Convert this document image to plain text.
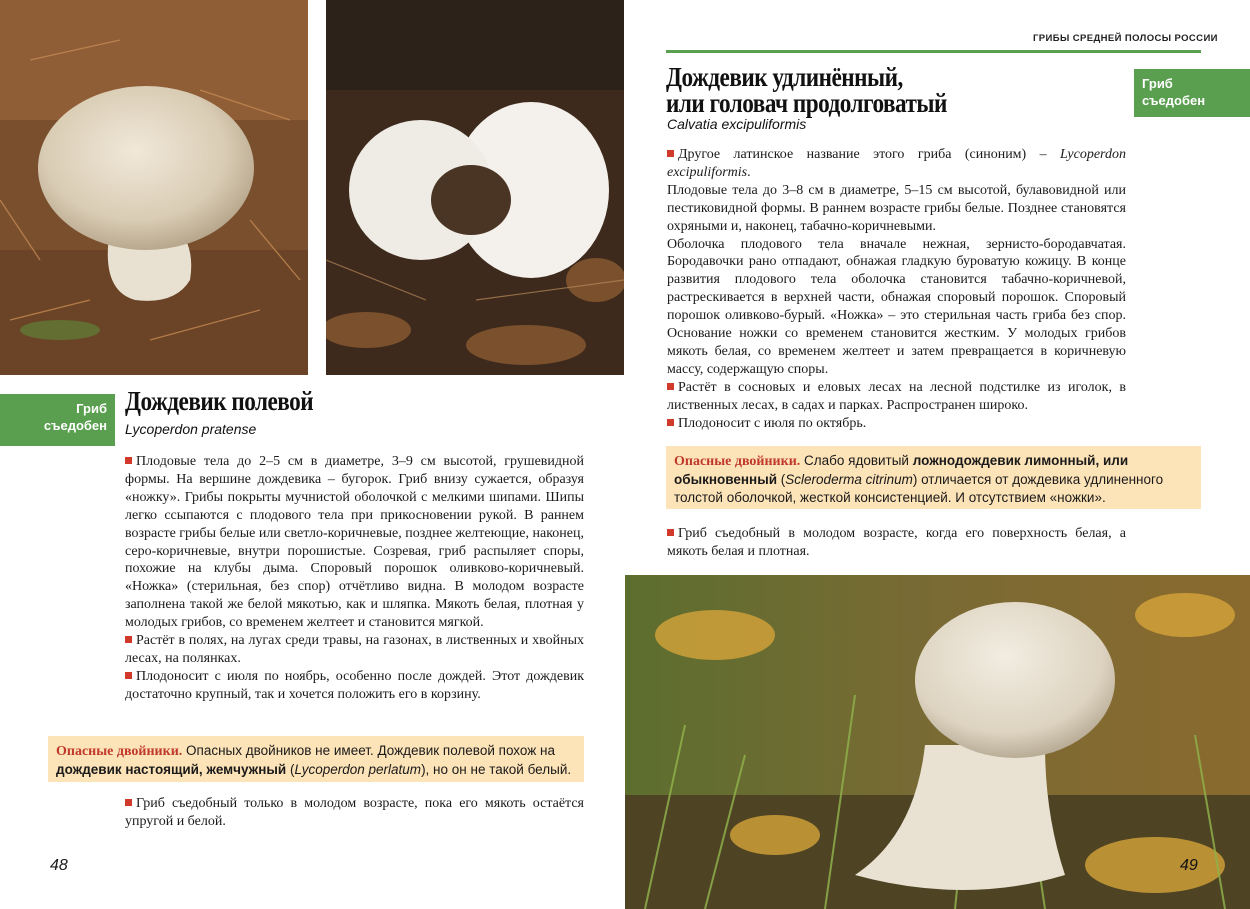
Гриб
съедобен
Дождевик полевой
Lycoperdon pratense

Плодовые тела до 2–5 см в диаметре, 3–9 см высотой, грушевидной формы. На вершине дождевика – бугорок. Гриб внизу сужается, образуя «ножку». Грибы покрыты мучнистой оболочкой с мелкими шипами. Шипы легко ссыпаются с плодового тела при прикосновении рукой. В раннем возрасте грибы белые или светло-коричневые, позднее желтеющие, наконец, серо-коричневые, внутри порошистые. Созревая, гриб распыляет споры, похожие на клубы дыма. Споровый порошок оливково-коричневый. «Ножка» (стерильная, без спор) отчётливо видна. В молодом возрасте заполнена такой же белой мякотью, как и шляпка. Мякоть белая, плотная у молодых грибов, со временем желтеет и становится мягкой.

Растёт в полях, на лугах среди травы, на газонах, в лиственных и хвойных лесах, на полянках.

Плодоносит с июля по ноябрь, особенно после дождей. Этот дождевик достаточно крупный, так и хочется положить его в корзину.

Опасные двойники. Опасных двойников не имеет. Дождевик полевой похож на дождевик настоящий, жемчужный (Lycoperdon perlatum), но он не такой белый.

Гриб съедобный только в молодом возрасте, пока его мякоть остаётся упругой и белой.

48
ГРИБЫ СРЕДНЕЙ ПОЛОСЫ РОССИИ
Дождевик удлинённый,
или головач продолговатый
Calvatia excipuliformis
Гриб
съедобен

Другое латинское название этого гриба (синоним) – Lycoperdon excipuliformis.

Плодовые тела до 3–8 см в диаметре, 5–15 см высотой, булавовидной или пестиковидной формы. В раннем возрасте грибы белые. Позднее становятся охряными и, наконец, табачно-коричневыми.

Оболочка плодового тела вначале нежная, зернисто-бородавчатая. Бородавочки рано отпадают, обнажая гладкую буроватую кожицу. В конце развития плодового тела оболочка становится табачно-коричневой, растрескивается в верхней части, обнажая споровый порошок. Споровый порошок оливково-бурый. «Ножка» – это стерильная часть гриба без спор. Основание ножки со временем становится жестким. У молодых грибов мякоть белая, со временем желтеет и затем превращается в коричневую массу, содержащую споры.

Растёт в сосновых и еловых лесах на лесной подстилке из иголок, в лиственных лесах, в садах и парках. Распространен широко.

Плодоносит с июля по октябрь.

Опасные двойники. Слабо ядовитый ложнодождевик лимонный, или обыкновенный (Scleroderma citrinum) отличается от дождевика удлиненного толстой оболочкой, жесткой консистенцией. И отсутствием «ножки».

Гриб съедобный в молодом возрасте, когда его поверхность белая, а мякоть белая и плотная.

49
